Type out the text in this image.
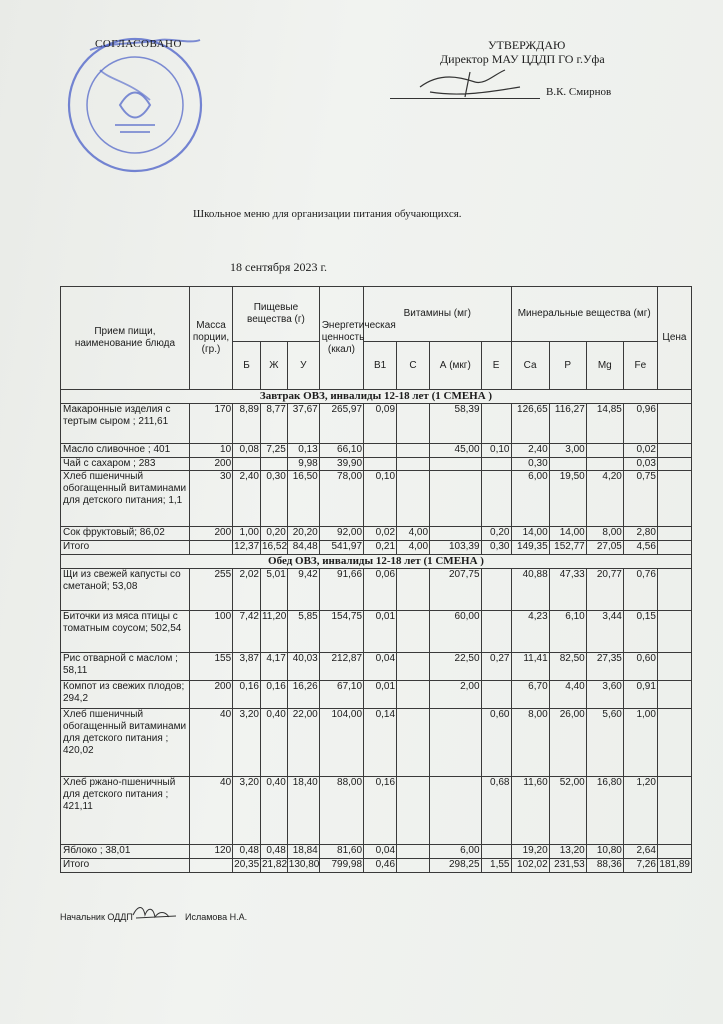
СОГЛАСОВАНО	УТВЕРЖДАЮ
Директор МАУ ЦДДП ГО г.Уфа
В.К. Смирнов
Школьное меню для организации питания обучающихся.
18 сентября 2023 г.
Прием пищи, наименование блюда	Масса порции, (гр.)	Пищевые вещества (г)			Энергетическая ценность (ккал)	Витамины (мг)				Минеральные вещества (мг)				Цена
		Б	Ж	У		В1	С	А (мкг)	Е	Са	Р	Mg	Fe	
Завтрак ОВЗ, инвалиды 12-18 лет (1 СМЕНА )														
Макаронные изделия с тертым сыром ; 211,61	170	8,89	8,77	37,67	265,97	0,09		58,39		126,65	116,27	14,85	0,96	
Масло сливочное ; 401	10	0,08	7,25	0,13	66,10			45,00	0,10	2,40	3,00		0,02	
Чай с сахаром ; 283	200			9,98	39,90					0,30			0,03	
Хлеб пшеничный обогащенный витаминами для детского питания; 1,1	30	2,40	0,30	16,50	78,00	0,10				6,00	19,50	4,20	0,75	
Сок фруктовый; 86,02	200	1,00	0,20	20,20	92,00	0,02	4,00		0,20	14,00	14,00	8,00	2,80	
Итого		12,37	16,52	84,48	541,97	0,21	4,00	103,39	0,30	149,35	152,77	27,05	4,56	
Обед ОВЗ, инвалиды 12-18 лет (1 СМЕНА )														
Щи из свежей капусты со сметаной; 53,08	255	2,02	5,01	9,42	91,66	0,06		207,75		40,88	47,33	20,77	0,76	
Биточки из мяса птицы с томатным соусом; 502,54	100	7,42	11,20	5,85	154,75	0,01		60,00		4,23	6,10	3,44	0,15	
Рис отварной с маслом ; 58,11	155	3,87	4,17	40,03	212,87	0,04		22,50	0,27	11,41	82,50	27,35	0,60	
Компот из свежих плодов; 294,2	200	0,16	0,16	16,26	67,10	0,01		2,00		6,70	4,40	3,60	0,91	
Хлеб пшеничный обогащенный витаминами для детского питания ; 420,02	40	3,20	0,40	22,00	104,00	0,14			0,60	8,00	26,00	5,60	1,00	
Хлеб ржано-пшеничный для детского питания ; 421,11	40	3,20	0,40	18,40	88,00	0,16			0,68	11,60	52,00	16,80	1,20	
Яблоко ; 38,01	120	0,48	0,48	18,84	81,60	0,04		6,00		19,20	13,20	10,80	2,64	
Итого		20,35	21,82	130,80	799,98	0,46		298,25	1,55	102,02	231,53	88,36	7,26	181,89
Начальник ОДДП	Исламова Н.А.
